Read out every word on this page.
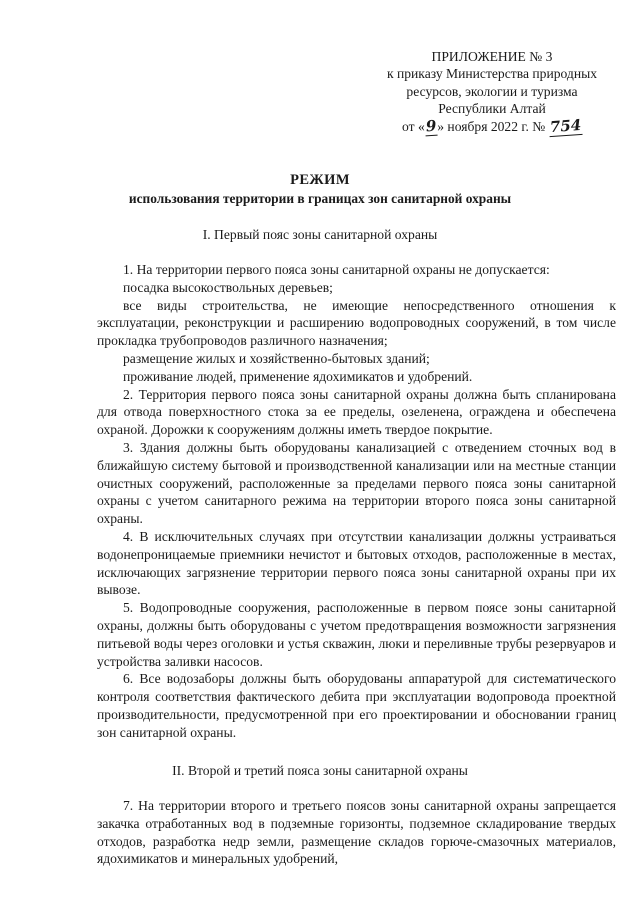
ПРИЛОЖЕНИЕ № 3
к приказу Министерства природных
ресурсов, экологии и туризма
Республики Алтай
от «9» ноября 2022 г. № 754
РЕЖИМ
использования территории в границах зон санитарной охраны
I. Первый пояс зоны санитарной охраны

1. На территории первого пояса зоны санитарной охраны не допускается:

посадка высокоствольных деревьев;

все виды строительства, не имеющие непосредственного отношения к эксплуатации, реконструкции и расширению водопроводных сооружений, в том числе прокладка трубопроводов различного назначения;

размещение жилых и хозяйственно-бытовых зданий;

проживание людей, применение ядохимикатов и удобрений.

2. Территория первого пояса зоны санитарной охраны должна быть спланирована для отвода поверхностного стока за ее пределы, озеленена, ограждена и обеспечена охраной. Дорожки к сооружениям должны иметь твердое покрытие.

3. Здания должны быть оборудованы канализацией с отведением сточных вод в ближайшую систему бытовой и производственной канализации или на местные станции очистных сооружений, расположенные за пределами первого пояса зоны санитарной охраны с учетом санитарного режима на территории второго пояса зоны санитарной охраны.

4. В исключительных случаях при отсутствии канализации должны устраиваться водонепроницаемые приемники нечистот и бытовых отходов, расположенные в местах, исключающих загрязнение территории первого пояса зоны санитарной охраны при их вывозе.

5. Водопроводные сооружения, расположенные в первом поясе зоны санитарной охраны, должны быть оборудованы с учетом предотвращения возможности загрязнения питьевой воды через оголовки и устья скважин, люки и переливные трубы резервуаров и устройства заливки насосов.

6. Все водозаборы должны быть оборудованы аппаратурой для систематического контроля соответствия фактического дебита при эксплуатации водопровода проектной производительности, предусмотренной при его проектировании и обосновании границ зон санитарной охраны.

II. Второй и третий пояса зоны санитарной охраны

7. На территории второго и третьего поясов зоны санитарной охраны запрещается закачка отработанных вод в подземные горизонты, подземное складирование твердых отходов, разработка недр земли, размещение складов горюче-смазочных материалов, ядохимикатов и минеральных удобрений,
